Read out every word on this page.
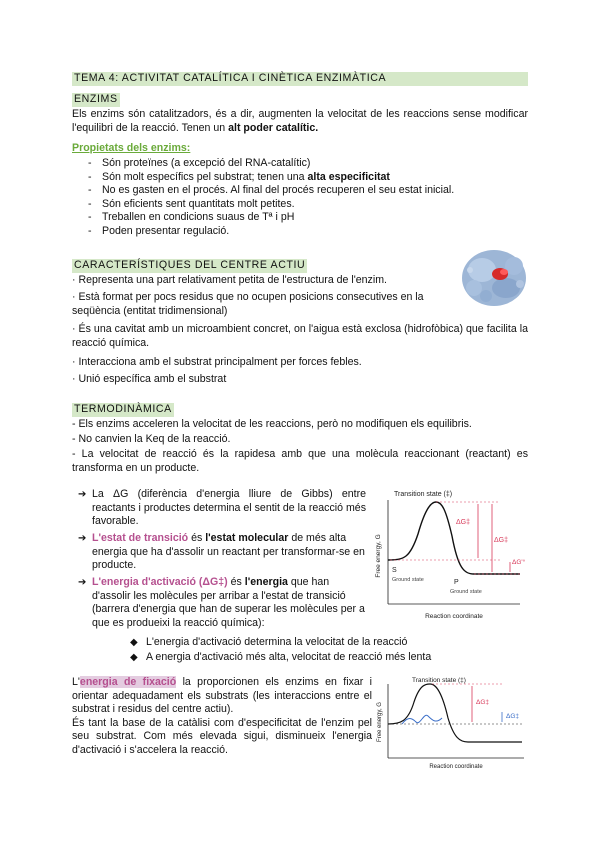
TEMA 4: ACTIVITAT CATALÍTICA I CINÈTICA ENZIMÀTICA
ENZIMS
Els enzims són catalitzadors, és a dir, augmenten la velocitat de les reaccions sense modificar l'equilibri de la reacció. Tenen un alt poder catalític.
Propietats dels enzims:
- Són proteïnes (a excepció del RNA-catalític)
- Són molt específics pel substrat; tenen una alta especificitat
- No es gasten en el procés. Al final del procés recuperen el seu estat inicial.
- Són eficients sent quantitats molt petites.
- Treballen en condicions suaus de Tª i pH
- Poden presentar regulació.
CARACTERÍSTIQUES DEL CENTRE ACTIU
· Representa una part relativament petita de l'estructura de l'enzim.
· Està format per pocs residus que no ocupen posicions consecutives en la seqüència (entitat tridimensional)
· És una cavitat amb un microambient concret, on l'aigua està exclosa (hidrofòbica) que facilita la reacció química.
· Interacciona amb el substrat principalment per forces febles.
· Unió específica amb el substrat
TERMODINÀMICA
- Els enzims acceleren la velocitat de les reaccions, però no modifiquen els equilibris.
- No canvien la Keq de la reacció.
- La velocitat de reacció és la rapidesa amb que una molècula reaccionant (reactant) es transforma en un producte.
➔ La ΔG (diferència d'energia lliure de Gibbs) entre reactants i productes determina el sentit de la reacció més favorable.
➔ L'estat de transició és l'estat molecular de més alta energia que ha d'assolir un reactant per transformar-se en producte.
➔ L'energia d'activació (ΔG‡) és l'energia que han d'assolir les molècules per arribar a l'estat de transició (barrera d'energia que han de superar les molècules per a que es produeixi la reacció química):
◆ L'energia d'activació determina la velocitat de la reacció
◆ A energia d'activació més alta, velocitat de reacció més lenta
Transition state (‡)
Free energy, G
ΔG‡
ΔG‡
ΔG'°
S
Ground state	P
Ground state
Reaction coordinate
L'energia de fixació la proporcionen els enzims en fixar i orientar adequadament els substrats (les interaccions entre el substrat i residus del centre actiu).
És tant la base de la catàlisi com d'especificitat de l'enzim pel seu substrat. Com més elevada sigui, disminueix l'energia d'activació i s'accelera la reacció.
Transition state (‡)
Free energy, G	ΔG‡
ΔG‡
Reaction coordinate
